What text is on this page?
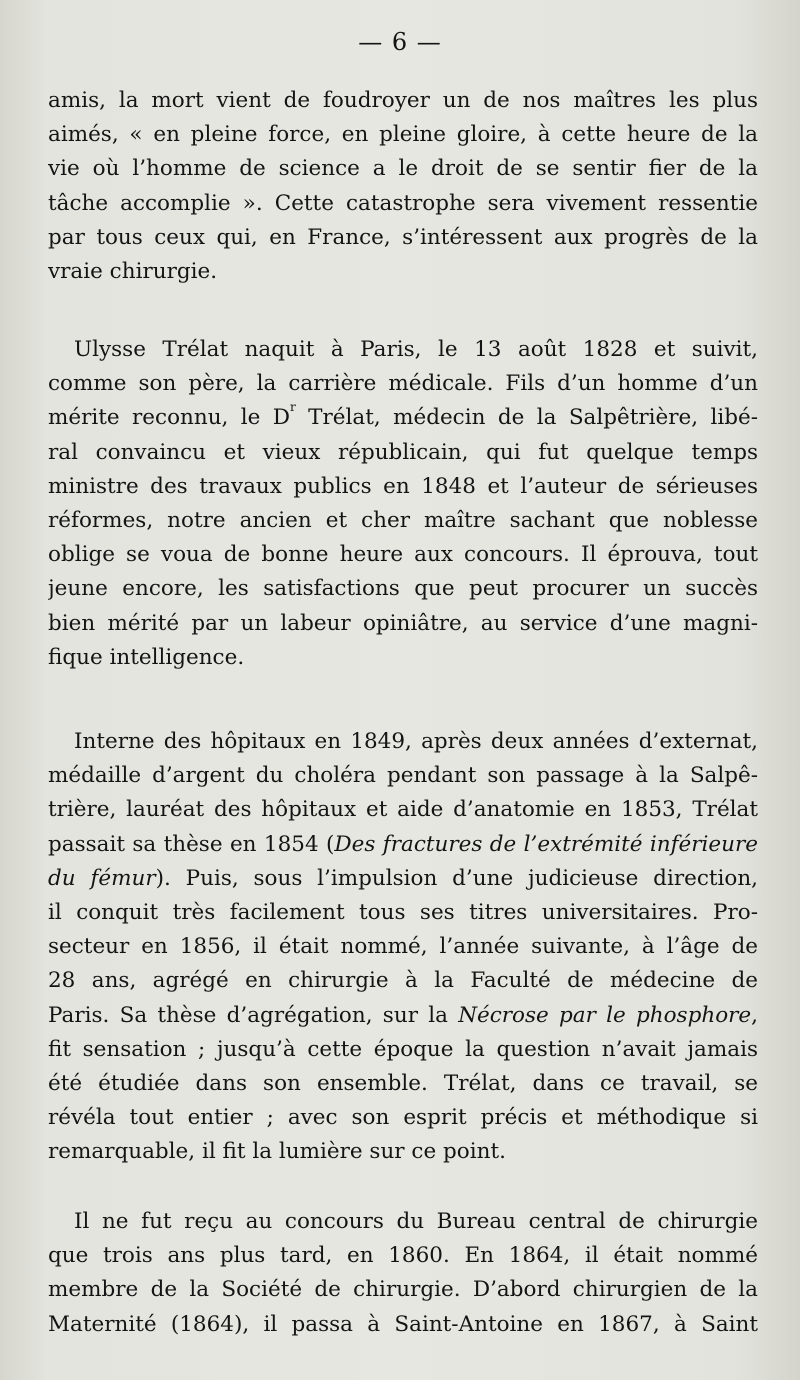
— 6 —
amis, la mort vient de foudroyer un de nos maîtres les plus
aimés, « en pleine force, en pleine gloire, à cette heure de la
vie où l’homme de science a le droit de se sentir fier de la
tâche accomplie ». Cette catastrophe sera vivement ressentie
par tous ceux qui, en France, s’intéressent aux progrès de la
vraie chirurgie.
Ulysse Trélat naquit à Paris, le 13 août 1828 et suivit,
comme son père, la carrière médicale. Fils d’un homme d’un
mérite reconnu, le $D^r$ Trélat, médecin de la Salpêtrière, libé-
ral convaincu et vieux républicain, qui fut quelque temps
ministre des travaux publics en 1848 et l’auteur de sérieuses
réformes, notre ancien et cher maître sachant que noblesse
oblige se voua de bonne heure aux concours. Il éprouva, tout
jeune encore, les satisfactions que peut procurer un succès
bien mérité par un labeur opiniâtre, au service d’une magni-
fique intelligence.
Interne des hôpitaux en 1849, après deux années d’externat,
médaille d’argent du choléra pendant son passage à la Salpê-
trière, lauréat des hôpitaux et aide d’anatomie en 1853, Trélat
passait sa thèse en 1854 (Des fractures de l’extrémité inférieure
du fémur). Puis, sous l’impulsion d’une judicieuse direction,
il conquit très facilement tous ses titres universitaires. Pro-
secteur en 1856, il était nommé, l’année suivante, à l’âge de
28 ans, agrégé en chirurgie à la Faculté de médecine de
Paris. Sa thèse d’agrégation, sur la Nécrose par le phosphore,
fit sensation ; jusqu’à cette époque la question n’avait jamais
été étudiée dans son ensemble. Trélat, dans ce travail, se
révéla tout entier ; avec son esprit précis et méthodique si
remarquable, il fit la lumière sur ce point.
Il ne fut reçu au concours du Bureau central de chirurgie
que trois ans plus tard, en 1860. En 1864, il était nommé
membre de la Société de chirurgie. D’abord chirurgien de la
Maternité (1864), il passa à Saint-Antoine en 1867, à Saint
